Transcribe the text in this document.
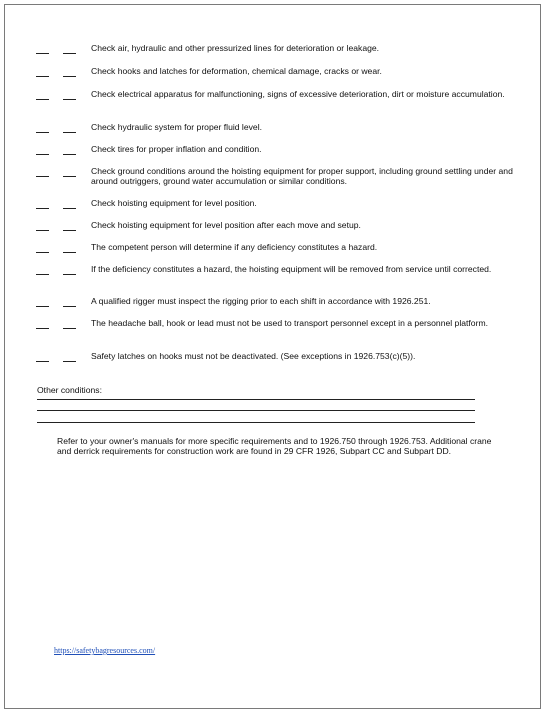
Check air, hydraulic and other pressurized lines for deterioration or leakage.
Check hooks and latches for deformation, chemical damage, cracks or wear.
Check electrical apparatus for malfunctioning, signs of excessive deterioration, dirt or moisture accumulation.
Check hydraulic system for proper fluid level.
Check tires for proper inflation and condition.
Check ground conditions around the hoisting equipment for proper support, including ground settling under and around outriggers, ground water accumulation or similar conditions.
Check hoisting equipment for level position.
Check hoisting equipment for level position after each move and setup.
The competent person will determine if any deficiency constitutes a hazard.
If the deficiency constitutes a hazard, the hoisting equipment will be removed from service until corrected.
A qualified rigger must inspect the rigging prior to each shift in accordance with 1926.251.
The headache ball, hook or lead must not be used to transport personnel except in a personnel platform.
Safety latches on hooks must not be deactivated. (See exceptions in 1926.753(c)(5)).
Other conditions:
Refer to your owner's manuals for more specific requirements and to 1926.750 through 1926.753. Additional crane and derrick requirements for construction work are found in 29 CFR 1926, Subpart CC and Subpart DD.
https://safetybagresources.com/
